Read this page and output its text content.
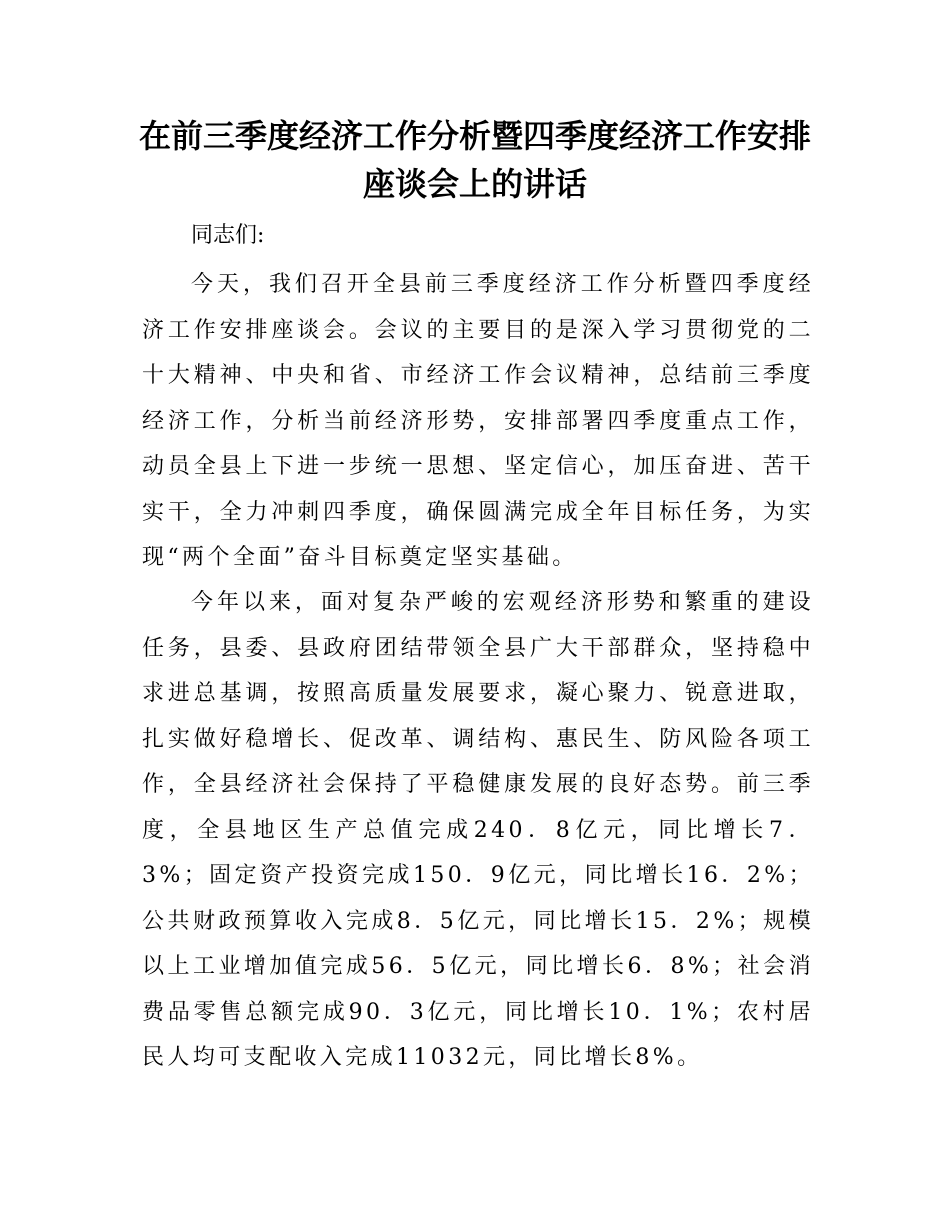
在前三季度经济工作分析暨四季度经济工作安排座谈会上的讲话

同志们:

今天，我们召开全县前三季度经济工作分析暨四季度经济工作安排座谈会。会议的主要目的是深入学习贯彻党的二十大精神、中央和省、市经济工作会议精神，总结前三季度经济工作，分析当前经济形势，安排部署四季度重点工作，动员全县上下进一步统一思想、坚定信心，加压奋进、苦干实干，全力冲刺四季度，确保圆满完成全年目标任务，为实现“两个全面”奋斗目标奠定坚实基础。

今年以来，面对复杂严峻的宏观经济形势和繁重的建设任务，县委、县政府团结带领全县广大干部群众，坚持稳中求进总基调，按照高质量发展要求，凝心聚力、锐意进取，扎实做好稳增长、促改革、调结构、惠民生、防风险各项工作，全县经济社会保持了平稳健康发展的良好态势。前三季度，全县地区生产总值完成240．8亿元，同比增长7．3%；固定资产投资完成150．9亿元，同比增长16．2%；公共财政预算收入完成8．5亿元，同比增长15．2%；规模以上工业增加值完成56．5亿元，同比增长6．8%；社会消费品零售总额完成90．3亿元，同比增长10．1%；农村居民人均可支配收入完成11032元，同比增长8%。
